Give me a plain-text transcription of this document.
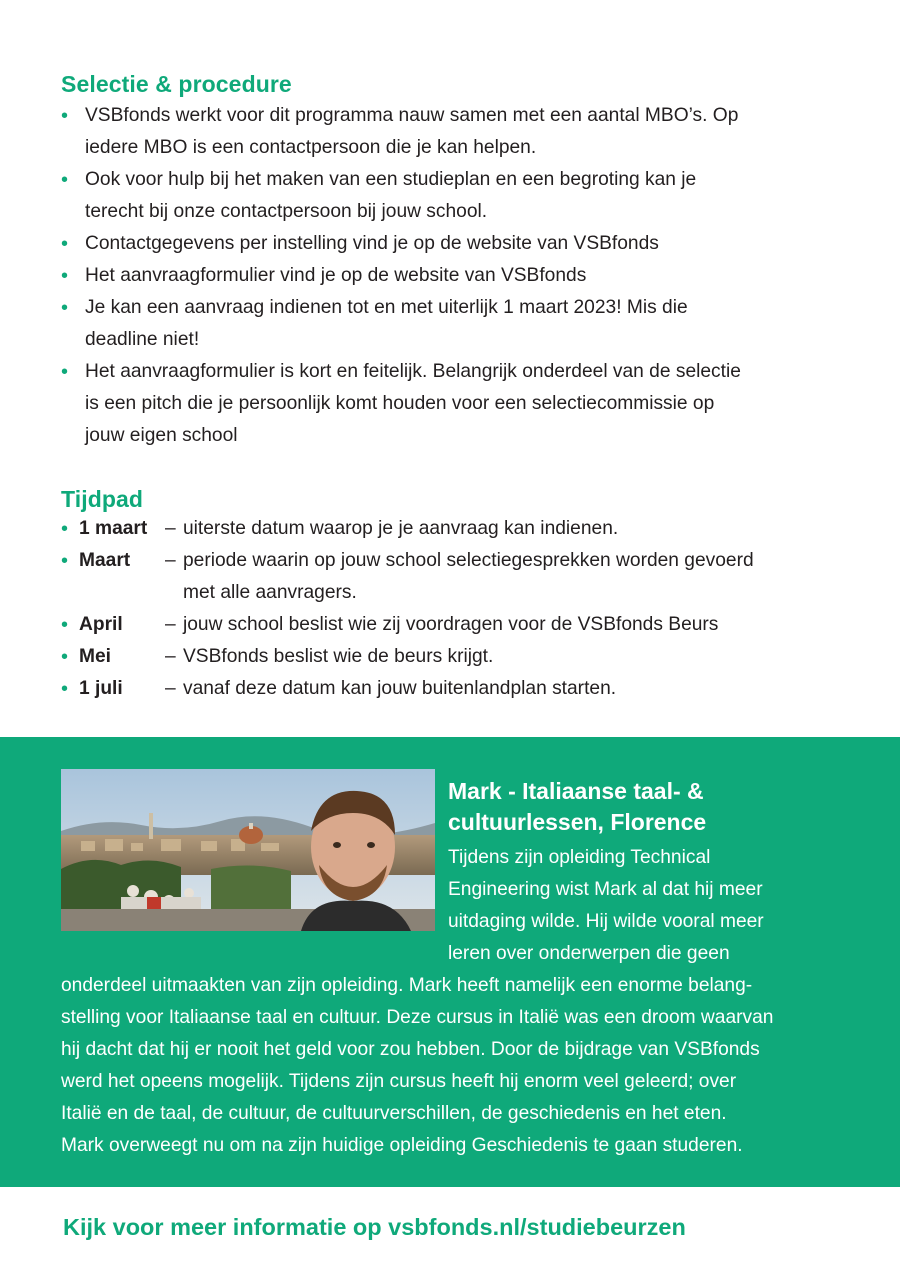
Selectie & procedure
• VSBfonds werkt voor dit programma nauw samen met een aantal MBO’s. Op
iedere MBO is een contactpersoon die je kan helpen.
• Ook voor hulp bij het maken van een studieplan en een begroting kan je
terecht bij onze contactpersoon bij jouw school.
• Contactgegevens per instelling vind je op de website van VSBfonds
• Het aanvraagformulier vind je op de website van VSBfonds
• Je kan een aanvraag indienen tot en met uiterlijk 1 maart 2023! Mis die
deadline niet!
• Het aanvraagformulier is kort en feitelijk. Belangrijk onderdeel van de selectie
is een pitch die je persoonlijk komt houden voor een selectiecommissie op
jouw eigen school
Tijdpad
• 1 maart – uiterste datum waarop je je aanvraag kan indienen.
• Maart	– periode waarin op jouw school selectiegesprekken worden gevoerd
met alle aanvragers.
• April	– jouw school beslist wie zij voordragen voor de VSBfonds Beurs
• Mei	– VSBfonds beslist wie de beurs krijgt.
• 1 juli	– vanaf deze datum kan jouw buitenlandplan starten.
Mark - Italiaanse taal- &
cultuurlessen, Florence
Tijdens zijn opleiding Technical
Engineering wist Mark al dat hij meer
uitdaging wilde. Hij wilde vooral meer
leren over onderwerpen die geen
onderdeel uitmaakten van zijn opleiding. Mark heeft namelijk een enorme belang-
stelling voor Italiaanse taal en cultuur. Deze cursus in Italië was een droom waarvan
hij dacht dat hij er nooit het geld voor zou hebben. Door de bijdrage van VSBfonds
werd het opeens mogelijk. Tijdens zijn cursus heeft hij enorm veel geleerd; over
Italië en de taal, de cultuur, de cultuurverschillen, de geschiedenis en het eten.
Mark overweegt nu om na zijn huidige opleiding Geschiedenis te gaan studeren.
Kijk voor meer informatie op vsbfonds.nl/studiebeurzen
